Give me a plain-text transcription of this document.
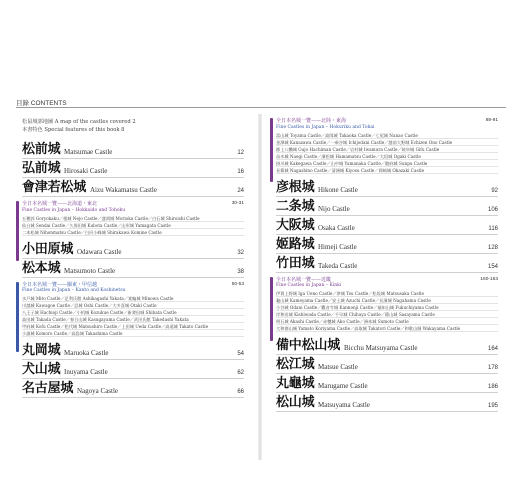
目錄 CONTENTS
松鼠城郭地圖 A map of the castles covered 2
本書特色 Special features of this book 8
松前城 Matsumae Castle	12
弘前城 Hirosaki Castle	16
會津若松城 Aizu Wakamatsu Castle	24
全日本名城一覽——北海道・東北
Fine Castles in Japan – Hokkaido and Tohoku
30-31
五稜郭 Goryokaku／根城 Nejo Castle／盛岡城 Morioka Castle／白石城 Shiroishi Castle
仙台城 Sendai Castle／久保田城 Kubota Castle／山形城 Yamagata Castle
二本松城 Nihonmatsu Castle／白河小峰城 Shirakawa Komine Castle
小田原城 Odawara Castle	32
松本城 Matsumoto Castle	38
全日本名城一覽——關東・甲信越
Fine Castles in Japan – Kanto and Koshinetsu
50-53
水戸城 Mito Castle／足利氏館 Ashikagashi Yakata／箕輪城 Minowa Castle
川越城 Kawagoe Castle／忍城 Oshi Castle／大多喜城 Otaki Castle
八王子城 Hachioji Castle／小机城 Kozukue Castle／新發田城 Shibata Castle
高田城 Takada Castle／春日山城 Kasugayama Castle／武田氏館 Takedashi Yakata
甲府城 Kofu Castle／松代城 Matsushiro Castle／上田城 Ueda Castle／高遠城 Takato Castle
小諸城 Komoro Castle／高島城 Takashima Castle
丸岡城 Maruoka Castle	54
犬山城 Inuyama Castle	62
名古屋城 Nagoya Castle	66
全日本名城一覽——北陸・東海
Fine Castles in Japan – Hokuriku and Tokai
88-91
富山城 Toyama Castle／高岡城 Takaoka Castle／七尾城 Nanao Castle
金澤城 Kanazawa Castle／一乘谷城 Ichijodani Castle／越前大野城 Echizen Ono Castle
郡上八幡城 Gujo Hachiman Castle／岩村城 Iwamura Castle／岐阜城 Gifu Castle
苗木城 Naegi Castle／濱松城 Hamamatsu Castle／大垣城 Ogaki Castle
掛川城 Kakegawa Castle／山中城 Yamanaka Castle／駿府城 Sunpu Castle
長篠城 Nagashino Castle／清洲城 Kiyosu Castle／岡崎城 Okazaki Castle
彦根城 Hikone Castle	92
二条城 Nijo Castle	106
大阪城 Osaka Castle	116
姬路城 Himeji Castle	128
竹田城 Takeda Castle	154
全日本名城一覽——近畿
Fine Castles in Japan – Kinki
160-163
伊賀上野城 Iga Ueno Castle／津城 Tsu Castle／松坂城 Matsusaka Castle
龜山城 Kameyama Castle／安土城 Azuchi Castle／長濱城 Nagahama Castle
小谷城 Odani Castle／觀音寺城 Kannonji Castle／福知山城 Fukuchiyama Castle
岸和田城 Kishiwada Castle／千早城 Chihaya Castle／篠山城 Sasayama Castle
明石城 Akashi Castle／赤穗城 Ako Castle／洲本城 Sumoto Castle
大和郡山城 Yamato Koriyama Castle／高取城 Takatori Castle／和歌山城 Wakayama Castle
備中松山城 Bicchu Matsuyama Castle	164
松江城 Matsue Castle	178
丸龜城 Marugame Castle	186
松山城 Matsuyama Castle	195
